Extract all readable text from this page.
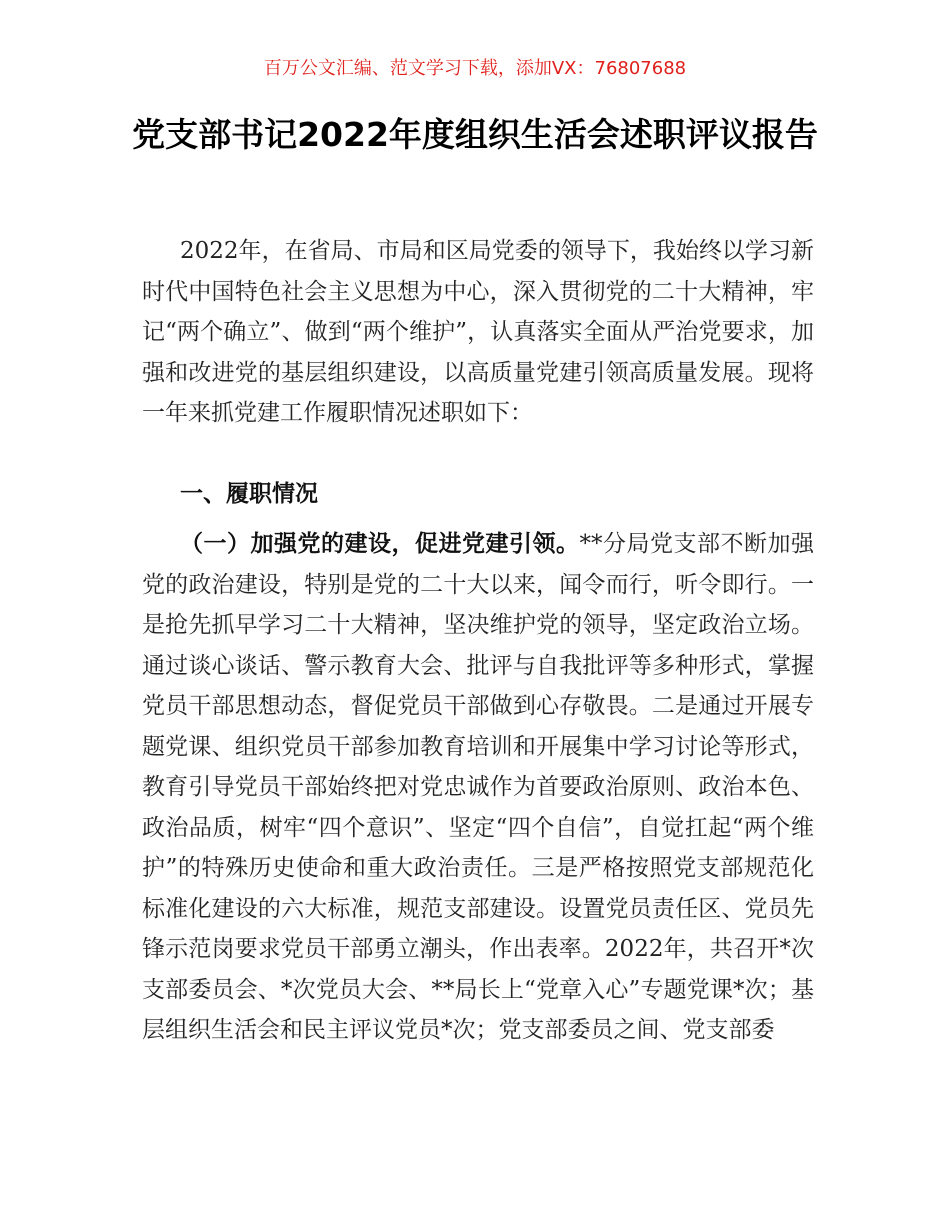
百万公文汇编、范文学习下载，添加VX：76807688
党支部书记2022年度组织生活会述职评议报告

2022年，在省局、市局和区局党委的领导下，我始终以学习新时代中国特色社会主义思想为中心，深入贯彻党的二十大精神，牢记“两个确立”、做到“两个维护”，认真落实全面从严治党要求，加强和改进党的基层组织建设，以高质量党建引领高质量发展。现将一年来抓党建工作履职情况述职如下：

一、履职情况

（一）加强党的建设，促进党建引领。**分局党支部不断加强党的政治建设，特别是党的二十大以来，闻令而行，听令即行。一是抢先抓早学习二十大精神，坚决维护党的领导，坚定政治立场。通过谈心谈话、警示教育大会、批评与自我批评等多种形式，掌握党员干部思想动态，督促党员干部做到心存敬畏。二是通过开展专题党课、组织党员干部参加教育培训和开展集中学习讨论等形式，教育引导党员干部始终把对党忠诚作为首要政治原则、政治本色、政治品质，树牢“四个意识”、坚定“四个自信”，自觉扛起“两个维护”的特殊历史使命和重大政治责任。三是严格按照党支部规范化标准化建设的六大标准，规范支部建设。设置党员责任区、党员先锋示范岗要求党员干部勇立潮头，作出表率。2022年，共召开*次支部委员会、*次党员大会、**局长上“党章入心”专题党课*次；基层组织生活会和民主评议党员*次；党支部委员之间、党支部委
